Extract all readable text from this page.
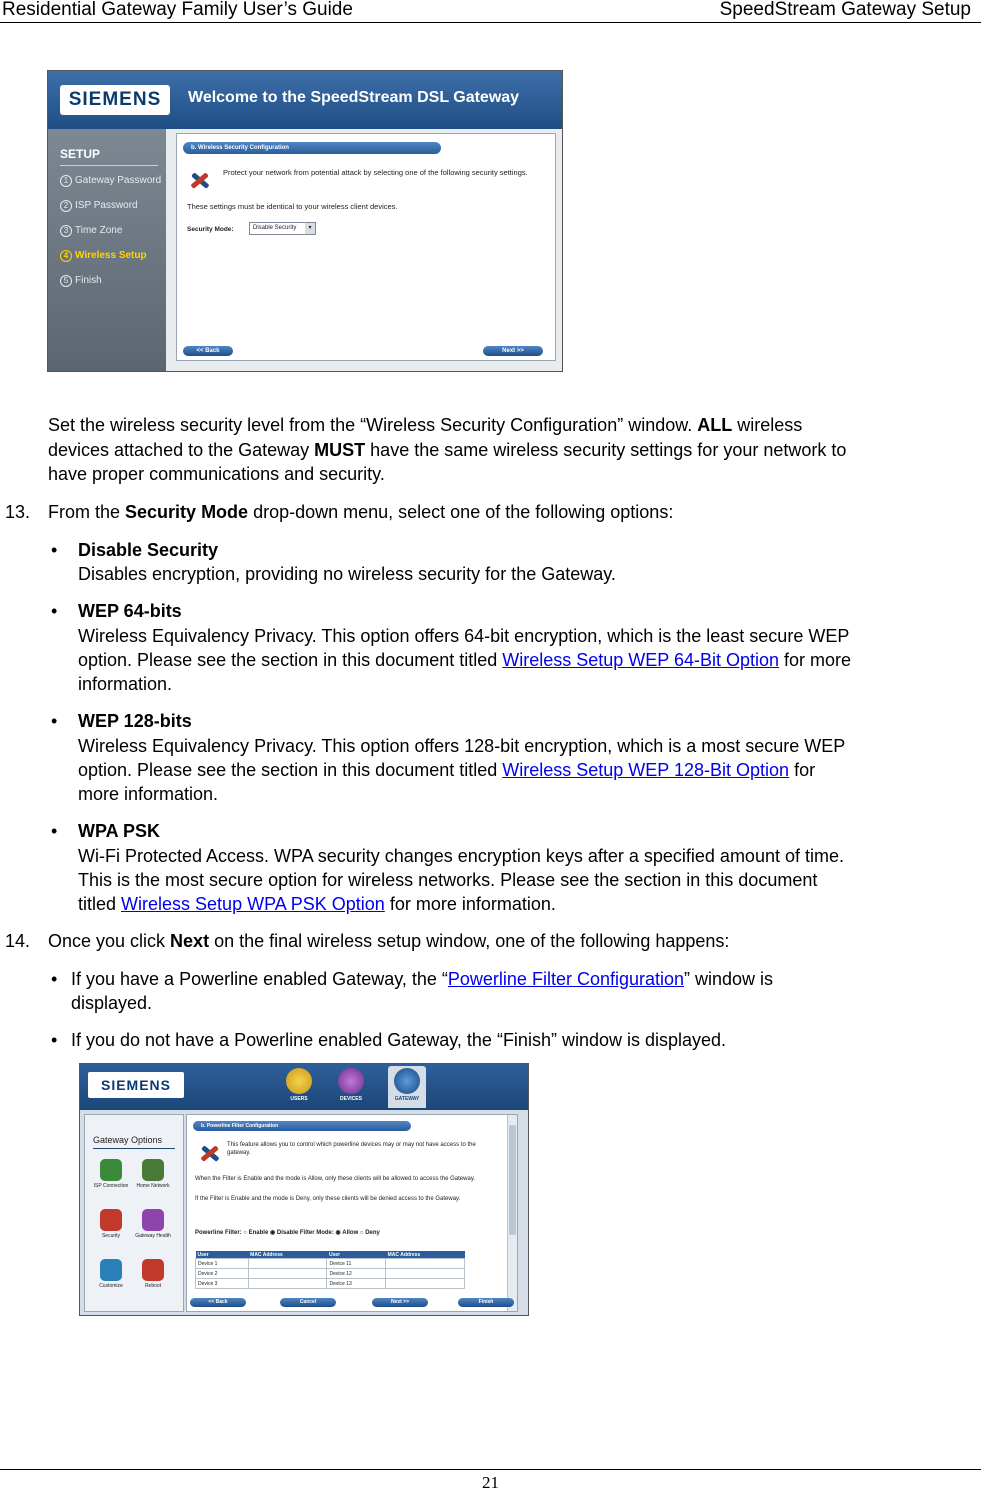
Residential Gateway Family User’s Guide	SpeedStream Gateway Setup
SIEMENS	Welcome to the SpeedStream DSL Gateway
SETUP
1 Gateway Password
2 ISP Password
3 Time Zone
4 Wireless Setup
5 Finish
b. Wireless Security Configuration
Protect your network from potential attack by selecting one of the following security settings.
These settings must be identical to your wireless client devices.
Security Mode:	Disable Security	▾
<< Back	Next >>
Set the wireless security level from the “Wireless Security Configuration” window. ALL wireless
devices attached to the Gateway MUST have the same wireless security settings for your network to
have proper communications and security.
13. From the Security Mode drop-down menu, select one of the following options:
• Disable Security
Disables encryption, providing no wireless security for the Gateway.
• WEP 64-bits
Wireless Equivalency Privacy. This option offers 64-bit encryption, which is the least secure WEP
option. Please see the section in this document titled Wireless Setup WEP 64-Bit Option for more
information.
• WEP 128-bits
Wireless Equivalency Privacy. This option offers 128-bit encryption, which is a most secure WEP
option. Please see the section in this document titled Wireless Setup WEP 128-Bit Option for
more information.
• WPA PSK
Wi-Fi Protected Access. WPA security changes encryption keys after a specified amount of time.
This is the most secure option for wireless networks. Please see the section in this document
titled Wireless Setup WPA PSK Option for more information.
14. Once you click Next on the final wireless setup window, one of the following happens:
• If you have a Powerline enabled Gateway, the “Powerline Filter Configuration” window is
displayed.
• If you do not have a Powerline enabled Gateway, the “Finish” window is displayed.
SIEMENS
USERS	DEVICES	GATEWAY
Gateway Options
ISP Connection Home Network
Security	Gateway Health
Customize	Reboot
b. Powerline Filter Configuration
This feature allows you to control which powerline devices may or may not have access to the gateway.
When the Filter is Enable and the mode is Allow, only these clients will be allowed to access the Gateway.
If the Filter is Enable and the mode is Deny, only these clients will be denied access to the Gateway.
Powerline Filter: ○ Enable ◉ Disable Filter Mode: ◉ Allow ○ Deny
User	MAC Address	User	MAC Address
Device 1		Device 11	
Device 2		Device 12	
Device 3		Device 13	
<< Back	Cancel	Next >>	Finish
21
